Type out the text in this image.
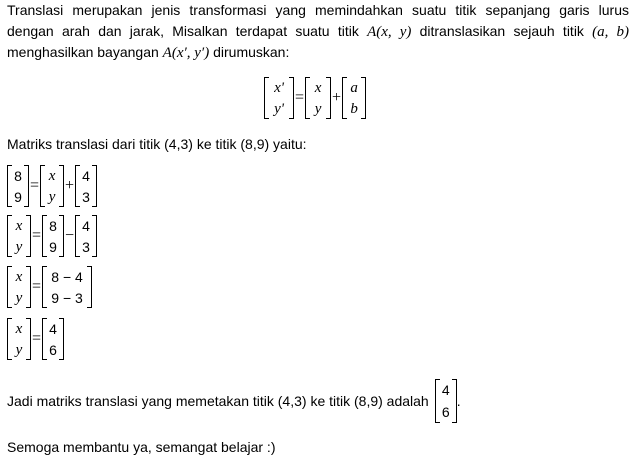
Translasi merupakan jenis transformasi yang memindahkan suatu titik sepanjang garis lurus
dengan arah dan jarak, Misalkan terdapat suatu titik A(x, y) ditranslasikan sejauh titik (a, b)
menghasilkan bayangan A(x′, y′) dirumuskan:
x'
y'
=
x
y
+
a
b
Matriks translasi dari titik (4,3) ke titik (8,9) yaitu:
8
9
=
x
y
+
4
3
x
y
=
8
9
−
4
3
x
y
=
8 − 4
9 − 3
x
y
=
4
6
Jadi matriks translasi yang memetakan titik (4,3) ke titik (8,9) adalah
4
6
.
Semoga membantu ya, semangat belajar :)
